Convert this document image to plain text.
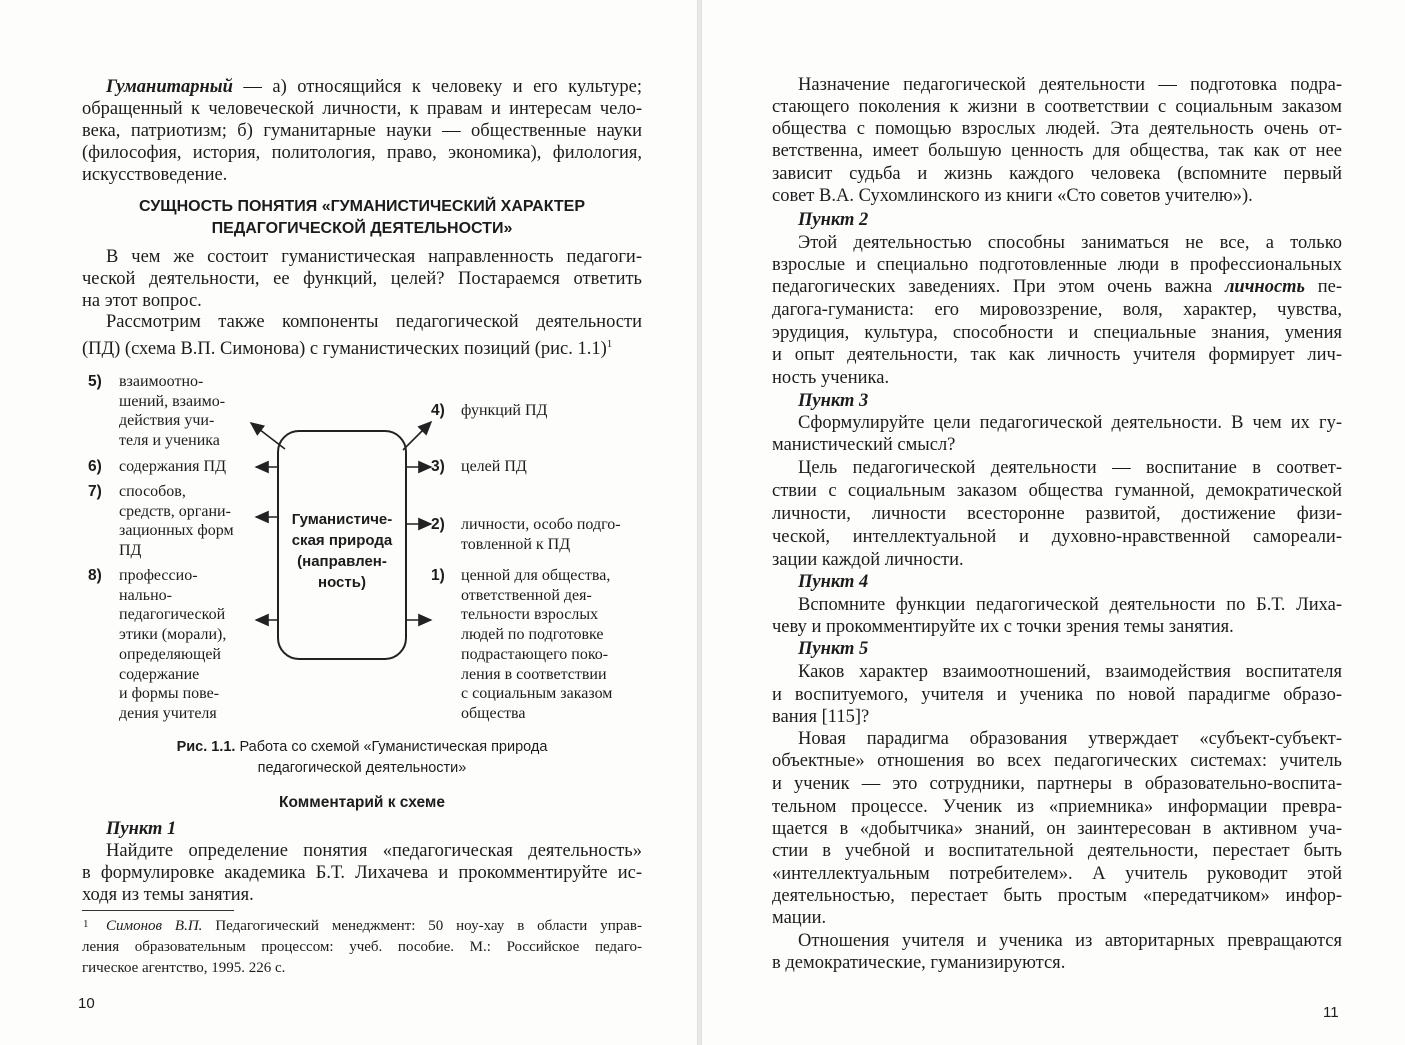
Гуманитарный — а) относящийся к человеку и его культуре;
обращенный к человеческой личности, к правам и интересам чело-
века, патриотизм; б) гуманитарные науки — общественные науки
(философия, история, политология, право, экономика), филология,
искусствоведение.
СУЩНОСТЬ ПОНЯТИЯ «ГУМАНИСТИЧЕСКИЙ ХАРАКТЕР
ПЕДАГОГИЧЕСКОЙ ДЕЯТЕЛЬНОСТИ»
В чем же состоит гуманистическая направленность педагоги-
ческой деятельности, ее функций, целей? Постараемся ответить
на этот вопрос.
Рассмотрим также компоненты педагогической деятельности
(ПД) (схема В.П. Симонова) с гуманистических позиций (рис. 1.1)$^1$
Гуманистиче-
ская природа
(направлен-
ность)
5) взаимоотно-
шений, взаимо-
действия учи-
теля и ученика
4) функций ПД
6) содержания ПД	3) целей ПД
7) способов,
средств, органи-
зационных форм
ПД
2) личности, особо подго-
товленной к ПД
8) профессио-
нально-
педагогической
этики (морали),
определяющей
содержание
и формы пове-
дения учителя
1) ценной для общества,
ответственной дея-
тельности взрослых
людей по подготовке
подрастающего поко-
ления в соответствии
с социальным заказом
общества
Рис. 1.1. Работа со схемой «Гуманистическая природа
педагогической деятельности»
Комментарий к схеме
Пункт 1
Найдите определение понятия «педагогическая деятельность»
в формулировке академика Б.Т. Лихачева и прокомментируйте ис-
ходя из темы занятия.
1 Симонов В.П. Педагогический менеджмент: 50 ноу-хау в области управ-
ления образовательным процессом: учеб. пособие. М.: Российское педаго-
гическое агентство, 1995. 226 с.
10
Назначение педагогической деятельности — подготовка подра-
стающего поколения к жизни в соответствии с социальным заказом
общества с помощью взрослых людей. Эта деятельность очень от-
ветственна, имеет большую ценность для общества, так как от нее
зависит судьба и жизнь каждого человека (вспомните первый
совет В.А. Сухомлинского из книги «Сто советов учителю»).
Пункт 2
Этой деятельностью способны заниматься не все, а только
взрослые и специально подготовленные люди в профессиональных
педагогических заведениях. При этом очень важна личность пе-
дагога-гуманиста: его мировоззрение, воля, характер, чувства,
эрудиция, культура, способности и специальные знания, умения
и опыт деятельности, так как личность учителя формирует лич-
ность ученика.
Пункт 3
Сформулируйте цели педагогической деятельности. В чем их гу-
манистический смысл?
Цель педагогической деятельности — воспитание в соответ-
ствии с социальным заказом общества гуманной, демократической
личности, личности всесторонне развитой, достижение физи-
ческой, интеллектуальной и духовно-нравственной самореали-
зации каждой личности.
Пункт 4
Вспомните функции педагогической деятельности по Б.Т. Лиха-
чеву и прокомментируйте их с точки зрения темы занятия.
Пункт 5
Каков характер взаимоотношений, взаимодействия воспитателя
и воспитуемого, учителя и ученика по новой парадигме образо-
вания [115]?
Новая парадигма образования утверждает «субъект-субъект-
объектные» отношения во всех педагогических системах: учитель
и ученик — это сотрудники, партнеры в образовательно-воспита-
тельном процессе. Ученик из «приемника» информации превра-
щается в «добытчика» знаний, он заинтересован в активном уча-
стии в учебной и воспитательной деятельности, перестает быть
«интеллектуальным потребителем». А учитель руководит этой
деятельностью, перестает быть простым «передатчиком» инфор-
мации.
Отношения учителя и ученика из авторитарных превращаются
в демократические, гуманизируются.
11
